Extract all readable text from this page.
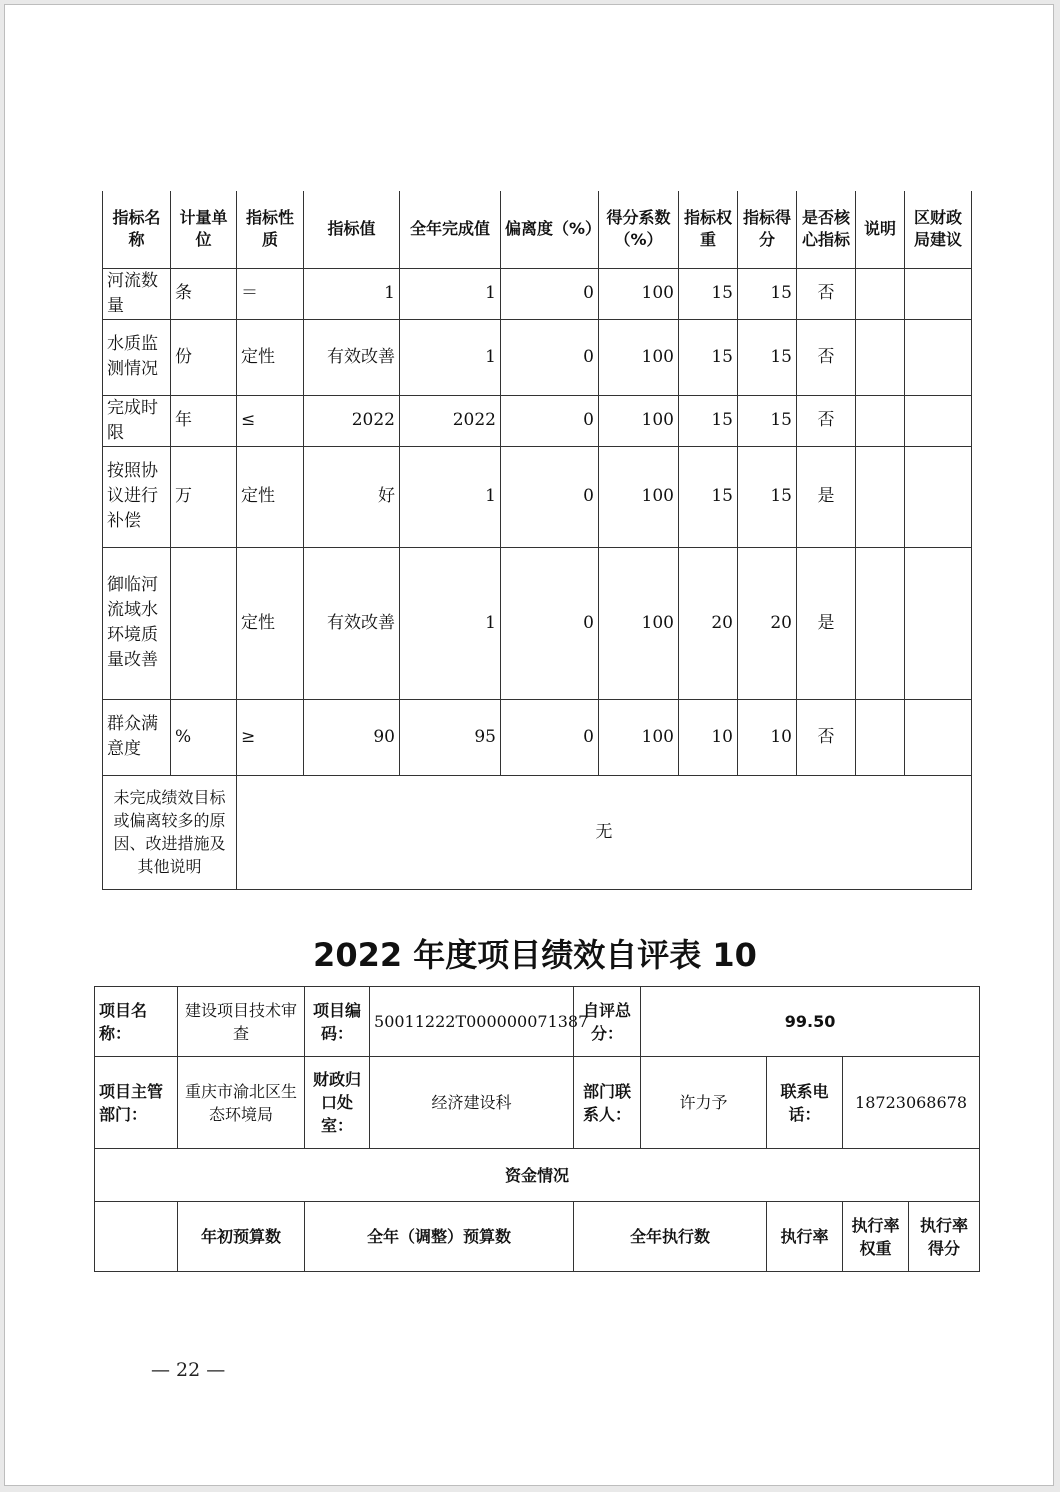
指标名称	计量单位	指标性质	指标值	全年完成值	偏离度（%）	得分系数（%）	指标权重	指标得分	是否核心指标	说明	区财政局建议
河流数量	条	＝	1	1	0	100	15	15	否		
水质监测情况	份	定性	有效改善	1	0	100	15	15	否		
完成时限	年	≤	2022	2022	0	100	15	15	否		
按照协议进行补偿	万	定性	好	1	0	100	15	15	是		
御临河流域水环境质量改善		定性	有效改善	1	0	100	20	20	是		
群众满意度	%	≥	90	95	0	100	10	10	否		
未完成绩效目标或偏离较多的原因、改进措施及其他说明		无									
2022 年度项目绩效自评表 10
项目名称：	建设项目技术审查	项目编码：	50011222T000000071387	自评总分：	99.50			
项目主管部门：	重庆市渝北区生态环境局	财政归口处室：	经济建设科	部门联系人：	许力予	联系电话：	18723068678	
资金情况								
	年初预算数	全年（调整）预算数		全年执行数		执行率	执行率权重	执行率得分
— 22 —
